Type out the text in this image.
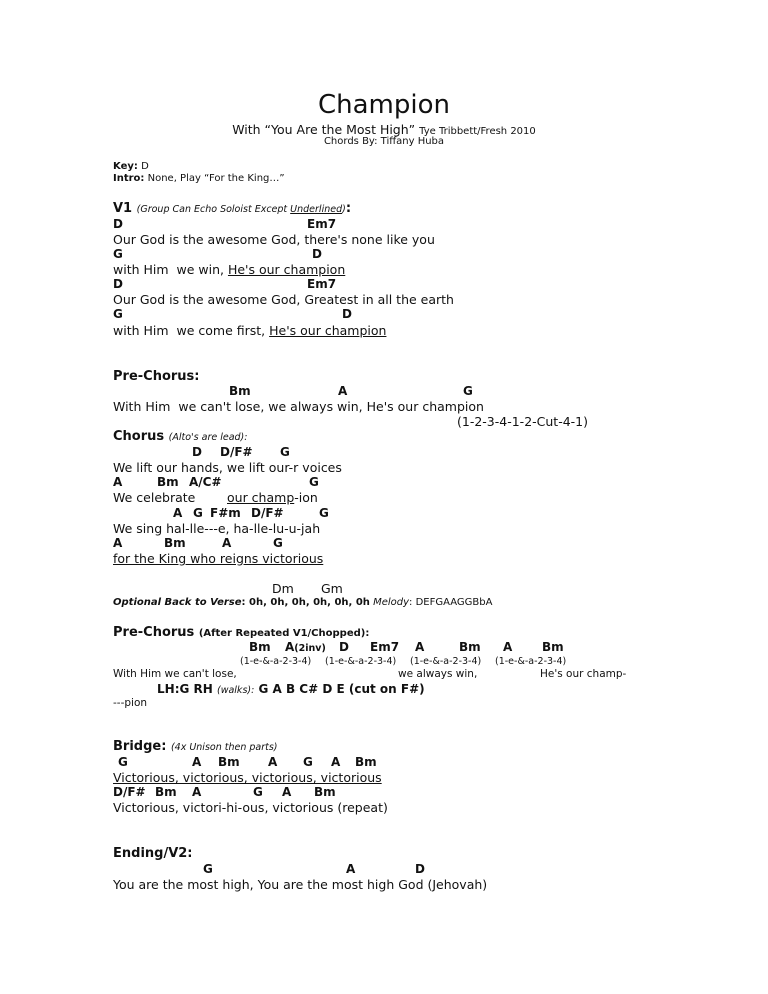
Champion
With “You Are the Most High” Tye Tribbett/Fresh 2010
Chords By: Tiffany Huba
Key: D
Intro: None, Play “For the King…”
V1 (Group Can Echo Soloist Except Underlined):
D	Em7
Our God is the awesome God, there's none like you
G	D
with Him  we win, He's our champion
D	Em7
Our God is the awesome God, Greatest in all the earth
G	D
with Him  we come first, He's our champion
Pre-Chorus:
Bm	A	G
With Him  we can't lose, we always win, He's our champion
(1-2-3-4-1-2-Cut-4-1)
Chorus (Alto's are lead):
D D/F# G
We lift our hands, we lift our-r voices
A	Bm A/C#	G
We celebrate	our champ-ion
A G F#m D/F#	G
We sing hal-lle---e, ha-lle-lu-u-jah
A	Bm	A	G
for the King who reigns victorious
Dm Gm
Optional Back to Verse: 0h, 0h, 0h, 0h, 0h, 0h Melody: DEFGAAGGBbA
Pre-Chorus (After Repeated V1/Chopped):
Bm A(2inv) D Em7 A	Bm A Bm
(1-e-&-a-2-3-4) (1-e-&-a-2-3-4) (1-e-&-a-2-3-4) (1-e-&-a-2-3-4)
With Him we can't lose,	we always win,	He's our champ-
LH:G RH (walks): G A B C# D E (cut on F#)
---pion
Bridge: (4x Unison then parts)
G	A Bm A G A Bm
Victorious, victorious, victorious, victorious
D/F# Bm A	G A Bm
Victorious, victori-hi-ous, victorious (repeat)
Ending/V2:
G	A	D
You are the most high, You are the most high God (Jehovah)
